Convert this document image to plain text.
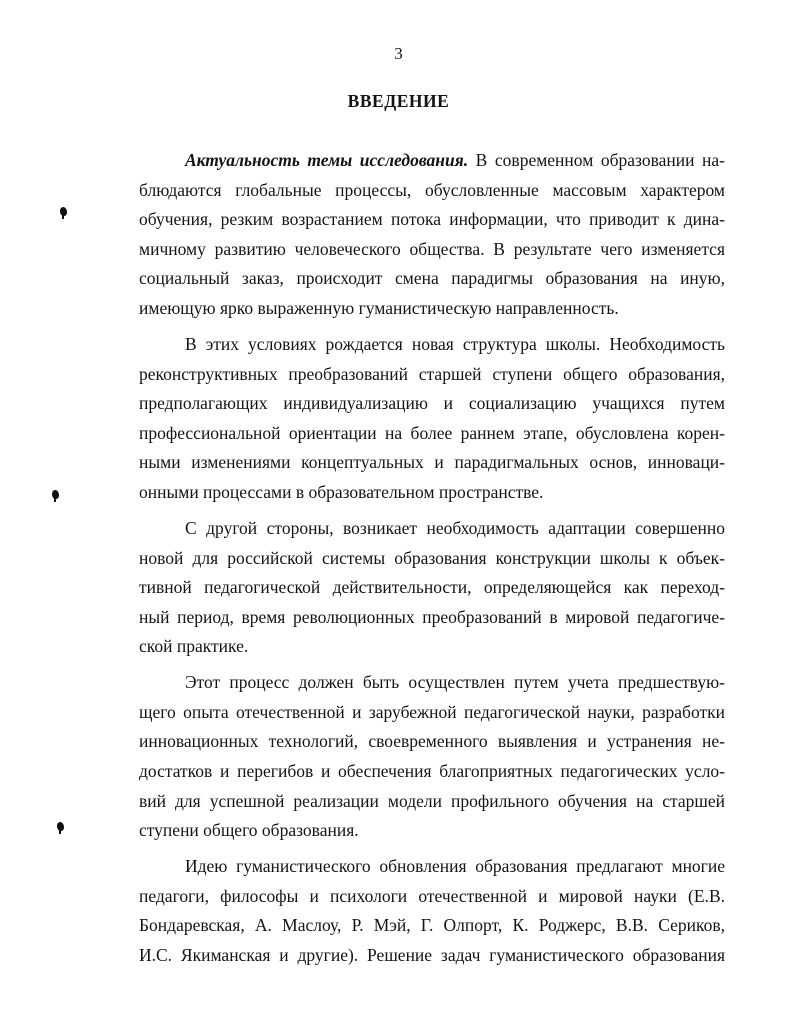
3
ВВЕДЕНИЕ
Актуальность темы исследования. В современном образовании на-
блюдаются глобальные процессы, обусловленные массовым характером
обучения, резким возрастанием потока информации, что приводит к дина-
мичному развитию человеческого общества. В результате чего изменяется
социальный заказ, происходит смена парадигмы образования на иную,
имеющую ярко выраженную гуманистическую направленность.
В этих условиях рождается новая структура школы. Необходимость
реконструктивных преобразований старшей ступени общего образования,
предполагающих индивидуализацию и социализацию учащихся путем
профессиональной ориентации на более раннем этапе, обусловлена корен-
ными изменениями концептуальных и парадигмальных основ, инноваци-
онными процессами в образовательном пространстве.
С другой стороны, возникает необходимость адаптации совершенно
новой для российской системы образования конструкции школы к объек-
тивной педагогической действительности, определяющейся как переход-
ный период, время революционных преобразований в мировой педагогиче-
ской практике.
Этот процесс должен быть осуществлен путем учета предшествую-
щего опыта отечественной и зарубежной педагогической науки, разработки
инновационных технологий, своевременного выявления и устранения не-
достатков и перегибов и обеспечения благоприятных педагогических усло-
вий для успешной реализации модели профильного обучения на старшей
ступени общего образования.
Идею гуманистического обновления образования предлагают многие
педагоги, философы и психологи отечественной и мировой науки (Е.В.
Бондаревская, А. Маслоу, Р. Мэй, Г. Олпорт, К. Роджерс, В.В. Сериков,
И.С. Якиманская и другие). Решение задач гуманистического образования
